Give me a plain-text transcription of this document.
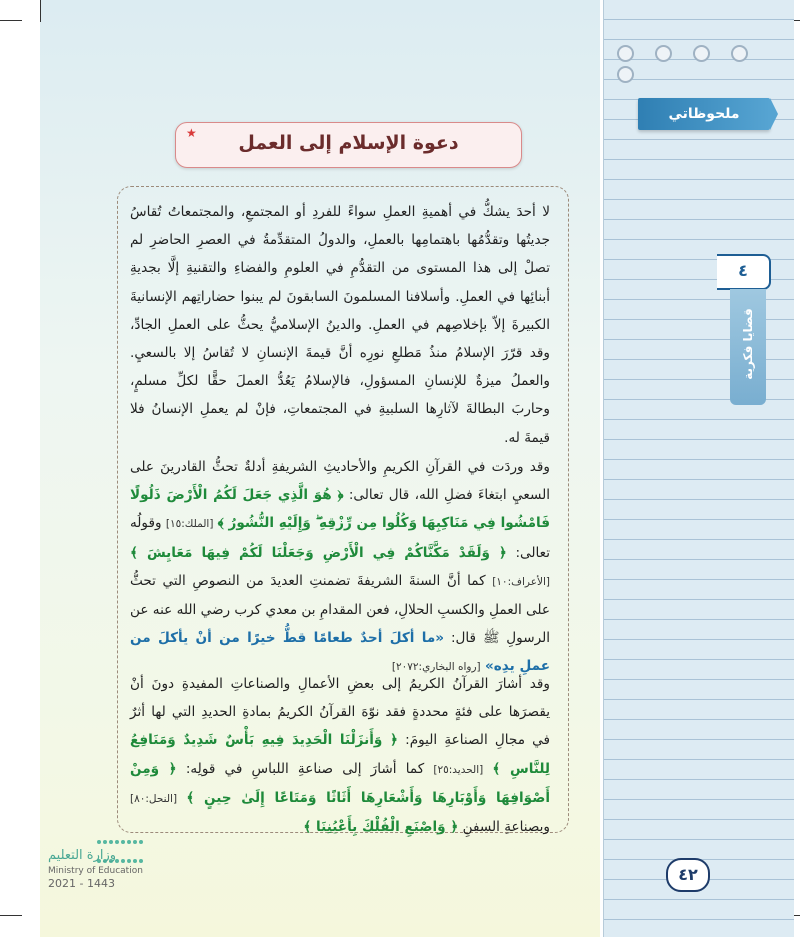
★	دعوة الإسلام إلى العمل
لا أحدَ يشكُّ في أهميةِ العملِ سواءً للفردِ أو المجتمعِ، والمجتمعاتُ تُقاسُ جديتُها وتقدُّمُها باهتمامِها بالعملِ، والدولُ المتقدِّمةُ في العصرِ الحاضرِ لم تصلْ إلى هذا المستوى من التقدُّمِ في العلومِ والفضاءِ والتقنيةِ إلَّا بجديةِ أبنائِها في العملِ. وأسلافنا المسلمونَ السابقونَ لم يبنوا حضاراتِهم الإنسانيةَ الكبيرةَ إلاّ بإخلاصِهم في العملِ. والدينُ الإسلاميُّ يحثُّ على العملِ الجادِّ، وقد قرّرَ الإسلامُ منذُ مَطلعِ نورِه أنَّ قيمةَ الإنسانِ لا تُقاسُ إلا بالسعيِ. والعملُ ميزةٌ للإنسانِ المسؤولِ، فالإسلامُ يَعُدُّ العملَ حقًّا لكلِّ مسلمٍ، وحاربَ البطالةَ لآثارِها السلبيةِ في المجتمعاتِ، فإنْ لم يعملِ الإنسانُ فلا قيمةَ له.
وقد وردَت في القرآنِ الكريمِ والأحاديثِ الشريفةِ أدلةٌ تحثُّ القادرينَ على السعيِ ابتغاءَ فضلِ الله، قال تعالى: ﴿ هُوَ الَّذِي جَعَلَ لَكُمُ الْأَرْضَ ذَلُولًا فَامْشُوا فِي مَنَاكِبِهَا وَكُلُوا مِن رِّزْقِهِ ۖ وَإِلَيْهِ النُّشُورُ ﴾ [الملك:١٥] وقولُه تعالى: ﴿ وَلَقَدْ مَكَّنَّاكُمْ فِي الْأَرْضِ وَجَعَلْنَا لَكُمْ فِيهَا مَعَايِشَ ﴾ [الأعراف:١٠] كما أنَّ السنةَ الشريفةَ تضمنتِ العديدَ من النصوصِ التي تحثُّ على العملِ والكسبِ الحلالِ، فعن المقدامِ بن معدي كرب رضي الله عنه عن الرسولِ ﷺ قال: «ما أكلَ أحدٌ طعامًا قطُّ خيرًا من أنْ يأكلَ من عملِ يدِه» [رواه البخاري:٢٠٧٢]
وقد أشارَ القرآنُ الكريمُ إلى بعضِ الأعمالِ والصناعاتِ المفيدةِ دونَ أنْ يقصرَها على فئةٍ محددةٍ فقد نوّهَ القرآنُ الكريمُ بمادةِ الحديدِ التي لها أثرٌ في مجالِ الصناعةِ اليومَ: ﴿ وَأَنزَلْنَا الْحَدِيدَ فِيهِ بَأْسٌ شَدِيدٌ وَمَنَافِعُ لِلنَّاسِ ﴾ [الحديد:٢٥] كما أشارَ إلى صناعةِ اللباسِ في قولِه: ﴿ وَمِنْ أَصْوَافِهَا وَأَوْبَارِهَا وَأَشْعَارِهَا أَثَاثًا وَمَتَاعًا إِلَىٰ حِينٍ ﴾ [النحل:٨٠] وبصناعةِ السفنِ ﴿ وَاصْنَعِ الْفُلْكَ بِأَعْيُنِنَا ﴾

وزارة التعليم
Ministry of Education
2021 - 1443

ملحوظاتي
٤
قضايا فكرية
٤٢
